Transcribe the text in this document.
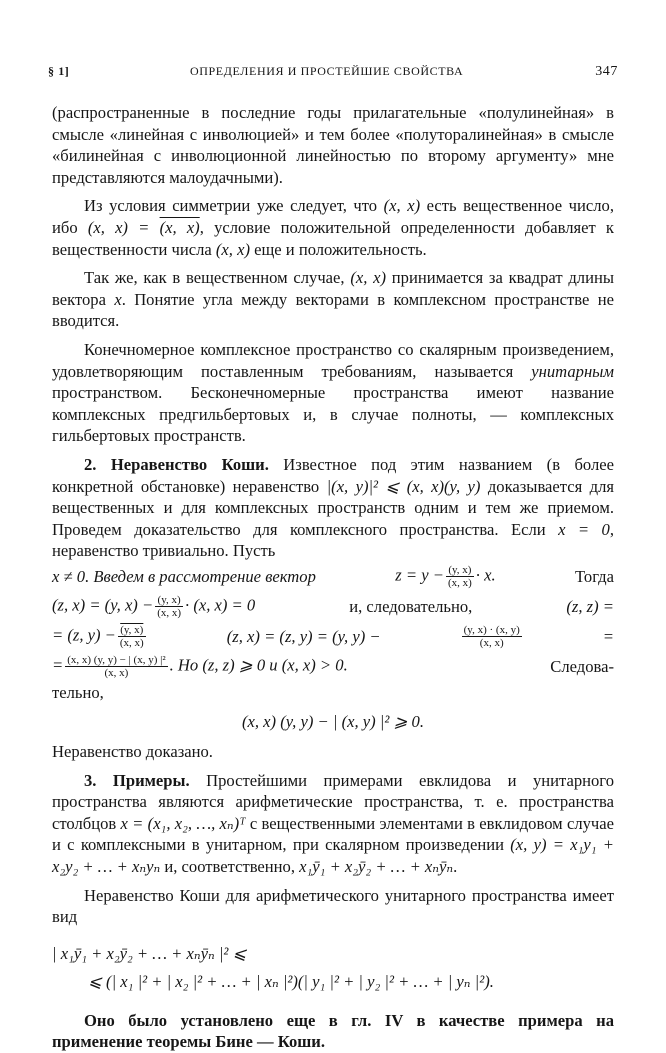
§ 1]	ОПРЕДЕЛЕНИЯ И ПРОСТЕЙШИЕ СВОЙСТВА	347

(распространенные в последние годы прилагательные «полулинейная» в смысле «линейная с инволюцией» и тем более «полуторалинейная» в смысле «билинейная с инволюционной линейностью по второму аргументу» мне представляются малоудачными).

Из условия симметрии уже следует, что (x, x) есть вещественное число, ибо (x, x) = (x, x), условие положительной определенности добавляет к вещественности числа (x, x) еще и положительность.

Так же, как в вещественном случае, (x, x) принимается за квадрат длины вектора x. Понятие угла между векторами в комплексном пространстве не вводится.

Конечномерное комплексное пространство со скалярным произведением, удовлетворяющим поставленным требованиям, называется унитарным пространством. Бесконечномерные пространства имеют название комплексных предгильбертовых и, в случае полноты, — комплексных гильбертовых пространств.

2. Неравенство Коши. Известное под этим названием (в более конкретной обстановке) неравенство |(x, y)|² ⩽ (x, x)(y, y) доказывается для вещественных и для комплексных пространств одним и тем же приемом. Проведем доказательство для комплексного пространства. Если x = 0, неравенство тривиально. Пусть

x ≠ 0. Введем в рассмотрение вектор	$z = y - \frac{(y, x)}{(x, x)} \cdot x$.	Тогда
(z, x) = (y, $x) - \frac{(y, x)}{(x, x)} \cdot (x$, x) = 0	и, следовательно,	(z, z) =
= (z, $y) - \frac{(y, x)}{(x, x)}$	(z, x) = (z, y) = (y, y) −	$\frac{(y, x) \cdot (x, y)}{(x, x)}$	=
= $\frac{\text{(x, x) (y, y) − | (x, y) |²}}{(x, x)}$ . Но (z, z) ⩾ 0 и (x, x) > 0.	Следова-

тельно,

(x, x) (y, y) − | (x, y) |² ⩾ 0.

Неравенство доказано.

3. Примеры. Простейшими примерами евклидова и унитарного пространства являются арифметические пространства, т. е. пространства столбцов x = (x₁, x₂, …, xₙ)ᵀ с вещественными элементами в евклидовом случае и с комплексными в унитарном, при скалярном произведении (x, y) = x₁y₁ + x₂y₂ + … + xₙyₙ и, соответственно, x₁ȳ₁ + x₂ȳ₂ + … + xₙȳₙ.

Неравенство Коши для арифметического унитарного пространства имеет вид

| x₁ȳ₁ + x₂ȳ₂ + … + xₙȳₙ |² ⩽

⩽ (| x₁ |² + | x₂ |² + … + | xₙ |²)(| y₁ |² + | y₂ |² + … + | yₙ |²).

Оно было установлено еще в гл. IV в качестве примера на применение теоремы Бине — Коши.
